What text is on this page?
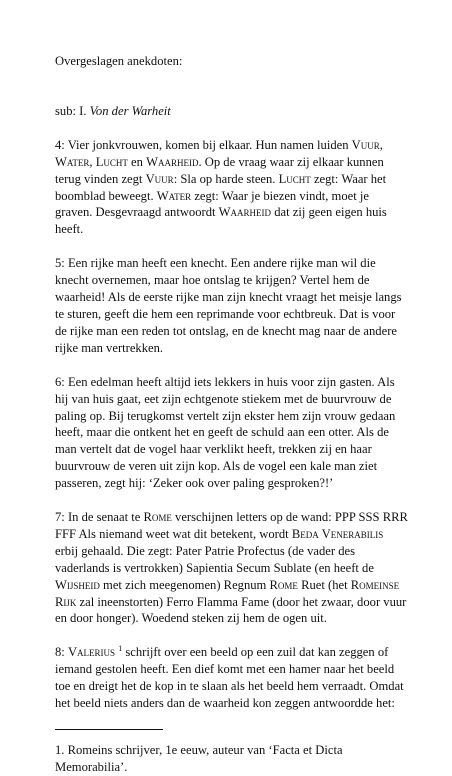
Overgeslagen anekdoten:

sub: I. Von der Warheit

4: Vier jonkvrouwen, komen bij elkaar. Hun namen luiden Vuur, Water, Lucht en Waarheid. Op de vraag waar zij elkaar kunnen terug vinden zegt Vuur: Sla op harde steen. Lucht zegt: Waar het boomblad beweegt. Water zegt: Waar je biezen vindt, moet je graven. Desgevraagd antwoordt Waarheid dat zij geen eigen huis heeft.

5: Een rijke man heeft een knecht. Een andere rijke man wil die knecht overnemen, maar hoe ontslag te krijgen? Vertel hem de waarheid! Als de eerste rijke man zijn knecht vraagt het meisje langs te sturen, geeft die hem een reprimande voor echtbreuk. Dat is voor de rijke man een reden tot ontslag, en de knecht mag naar de andere rijke man vertrekken.

6: Een edelman heeft altijd iets lekkers in huis voor zijn gasten. Als hij van huis gaat, eet zijn echtgenote stiekem met de buurvrouw de paling op. Bij terugkomst vertelt zijn ekster hem zijn vrouw gedaan heeft, maar die ontkent het en geeft de schuld aan een otter. Als de man vertelt dat de vogel haar verklikt heeft, trekken zij en haar buurvrouw de veren uit zijn kop. Als de vogel een kale man ziet passeren, zegt hij: ‘Zeker ook over paling gesproken?!’

7: In de senaat te Rome verschijnen letters op de wand: PPP SSS RRR FFF Als niemand weet wat dit betekent, wordt Beda Venerabilis erbij gehaald. Die zegt: Pater Patrie Profectus (de vader des vaderlands is vertrokken) Sapientia Secum Sublate (en heeft de Wijsheid met zich meegenomen) Regnum Rome Ruet (het Romeinse Rijk zal ineenstorten) Ferro Flamma Fame (door het zwaar, door vuur en door honger). Woedend steken zij hem de ogen uit.

8: Valerius $^1$ schrijft over een beeld op een zuil dat kan zeggen of iemand gestolen heeft. Een dief komt met een hamer naar het beeld toe en dreigt het de kop in te slaan als het beeld hem verraadt. Omdat het beeld niets anders dan de waarheid kon zeggen antwoordde het:

1. Romeins schrijver, 1e eeuw, auteur van ‘Facta et Dicta Memorabilia’.
